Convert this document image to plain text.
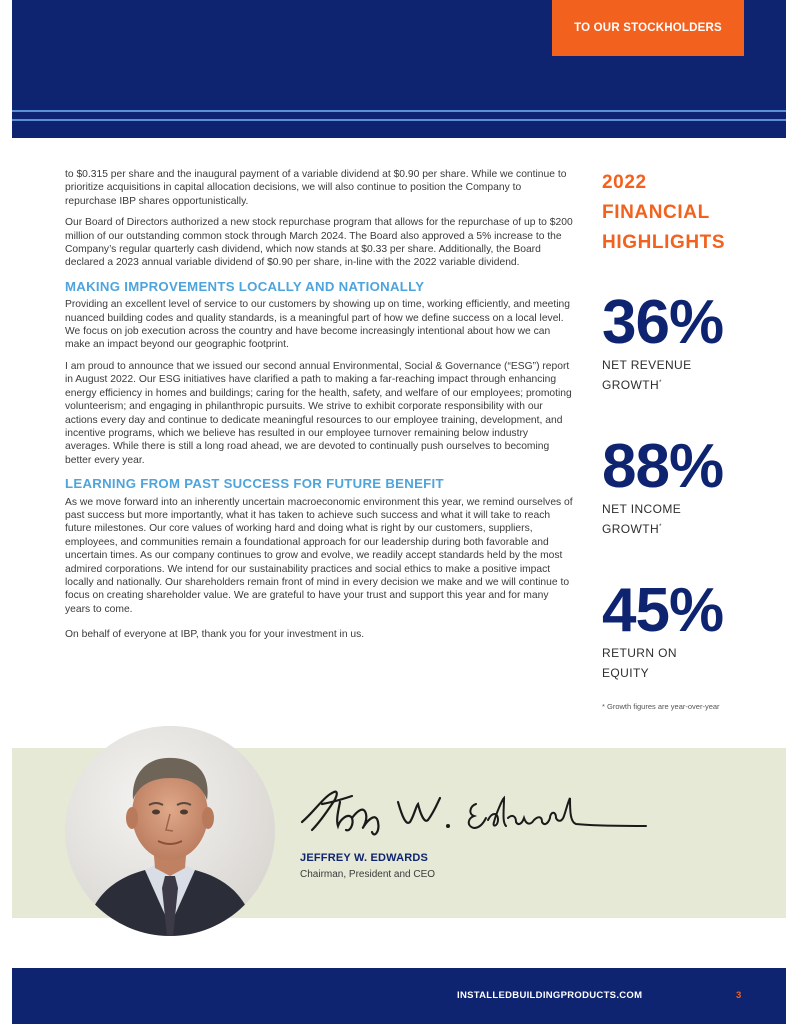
TO OUR STOCKHOLDERS

to $0.315 per share and the inaugural payment of a variable dividend at $0.90 per share. While we continue to prioritize acquisitions in capital allocation decisions, we will also continue to position the Company to repurchase IBP shares opportunistically.

Our Board of Directors authorized a new stock repurchase program that allows for the repurchase of up to $200 million of our outstanding common stock through March 2024. The Board also approved a 5% increase to the Company’s regular quarterly cash dividend, which now stands at $0.33 per share. Additionally, the Board declared a 2023 annual variable dividend of $0.90 per share, in-line with the 2022 variable dividend.

MAKING IMPROVEMENTS LOCALLY AND NATIONALLY

Providing an excellent level of service to our customers by showing up on time, working efficiently, and meeting nuanced building codes and quality standards, is a meaningful part of how we define success on a local level. We focus on job execution across the country and have become increasingly intentional about how we can make an impact beyond our geographic footprint.

I am proud to announce that we issued our second annual Environmental, Social & Governance (“ESG”) report in August 2022. Our ESG initiatives have clarified a path to making a far-reaching impact through enhancing energy efficiency in homes and buildings; caring for the health, safety, and welfare of our employees; promoting volunteerism; and engaging in philanthropic pursuits. We strive to exhibit corporate responsibility with our actions every day and continue to dedicate meaningful resources to our employee training, development, and incentive programs, which we believe has resulted in our employee turnover remaining below industry averages. While there is still a long road ahead, we are devoted to continually push ourselves to becoming better every year.

LEARNING FROM PAST SUCCESS FOR FUTURE BENEFIT

As we move forward into an inherently uncertain macroeconomic environment this year, we remind ourselves of past success but more importantly, what it has taken to achieve such success and what it will take to reach future milestones. Our core values of working hard and doing what is right by our customers, suppliers, employees, and communities remain a foundational approach for our leadership during both favorable and uncertain times. As our company continues to grow and evolve, we readily accept standards held by the most admired corporations. We intend for our sustainability practices and social ethics to make a positive impact locally and nationally. Our shareholders remain front of mind in every decision we make and we will continue to focus on creating shareholder value. We are grateful to have your trust and support this year and for many years to come.

On behalf of everyone at IBP, thank you for your investment in us.

2022
FINANCIAL
HIGHLIGHTS
36%
NET REVENUE
GROWTH*
88%
NET INCOME
GROWTH*
45%
RETURN ON
EQUITY
* Growth figures are year-over-year
JEFFREY W. EDWARDS
Chairman, President and CEO
INSTALLEDBUILDINGPRODUCTS.COM	3
